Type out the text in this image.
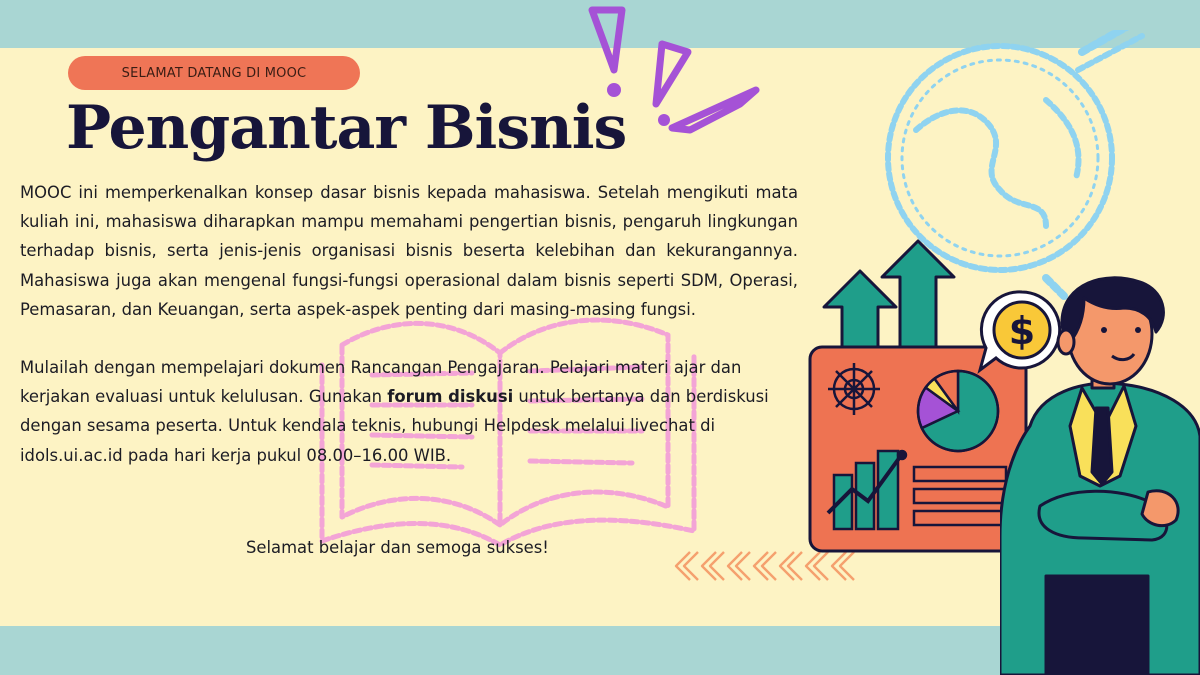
$
SELAMAT DATANG DI MOOC
Pengantar Bisnis

MOOC ini memperkenalkan konsep dasar bisnis kepada mahasiswa. Setelah mengikuti mata kuliah ini, mahasiswa diharapkan mampu memahami pengertian bisnis, pengaruh lingkungan terhadap bisnis, serta jenis-jenis organisasi bisnis beserta kelebihan dan kekurangannya. Mahasiswa juga akan mengenal fungsi-fungsi operasional dalam bisnis seperti SDM, Operasi, Pemasaran, dan Keuangan, serta aspek-aspek penting dari masing-masing fungsi.

Mulailah dengan mempelajari dokumen Rancangan Pengajaran. Pelajari materi ajar dan kerjakan evaluasi untuk kelulusan. Gunakan forum diskusi untuk bertanya dan berdiskusi dengan sesama peserta. Untuk kendala teknis, hubungi Helpdesk melalui livechat di idols.ui.ac.id pada hari kerja pukul 08.00–16.00 WIB.

Selamat belajar dan semoga sukses!
